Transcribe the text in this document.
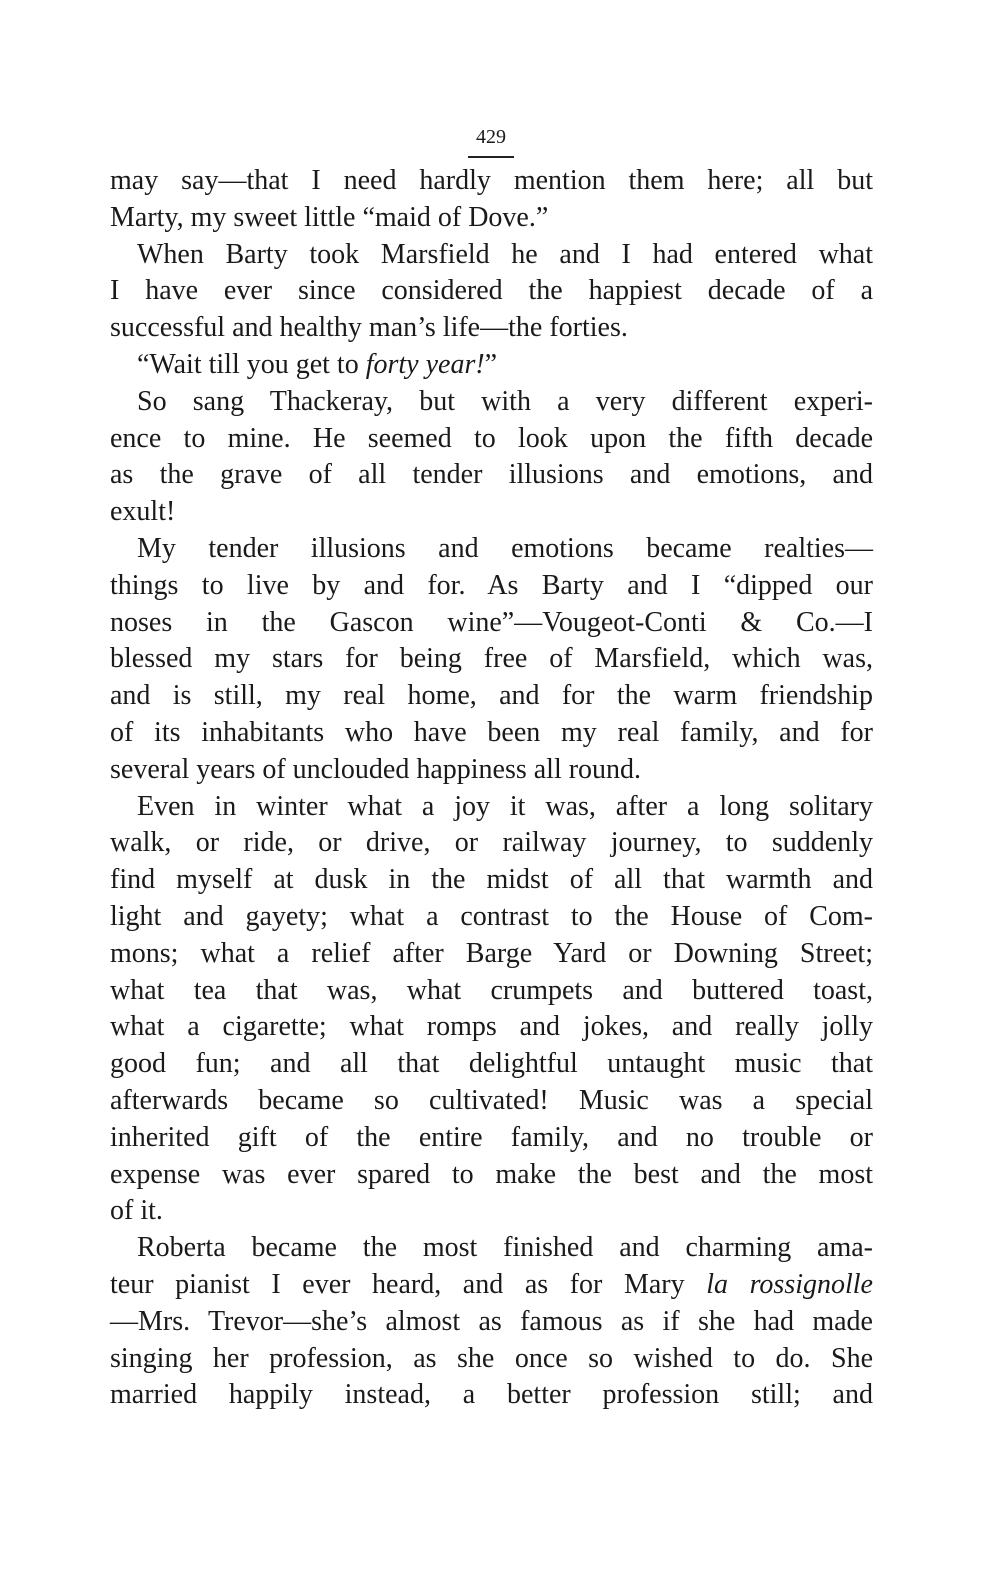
429
may say—that I need hardly mention them here; all but
Marty, my sweet little “maid of Dove.”
When Barty took Marsfield he and I had entered what
I have ever since considered the happiest decade of a
successful and healthy man’s life—the forties.
“Wait till you get to forty year!”
So sang Thackeray, but with a very different experi-
ence to mine. He seemed to look upon the fifth decade
as the grave of all tender illusions and emotions, and
exult!
My tender illusions and emotions became realties—
things to live by and for. As Barty and I “dipped our
noses in the Gascon wine”—Vougeot-Conti & Co.—I
blessed my stars for being free of Marsfield, which was,
and is still, my real home, and for the warm friendship
of its inhabitants who have been my real family, and for
several years of unclouded happiness all round.
Even in winter what a joy it was, after a long solitary
walk, or ride, or drive, or railway journey, to suddenly
find myself at dusk in the midst of all that warmth and
light and gayety; what a contrast to the House of Com-
mons; what a relief after Barge Yard or Downing Street;
what tea that was, what crumpets and buttered toast,
what a cigarette; what romps and jokes, and really jolly
good fun; and all that delightful untaught music that
afterwards became so cultivated! Music was a special
inherited gift of the entire family, and no trouble or
expense was ever spared to make the best and the most
of it.
Roberta became the most finished and charming ama-
teur pianist I ever heard, and as for Mary la rossignolle
—Mrs. Trevor—she’s almost as famous as if she had made
singing her profession, as she once so wished to do. She
married happily instead, a better profession still; and
